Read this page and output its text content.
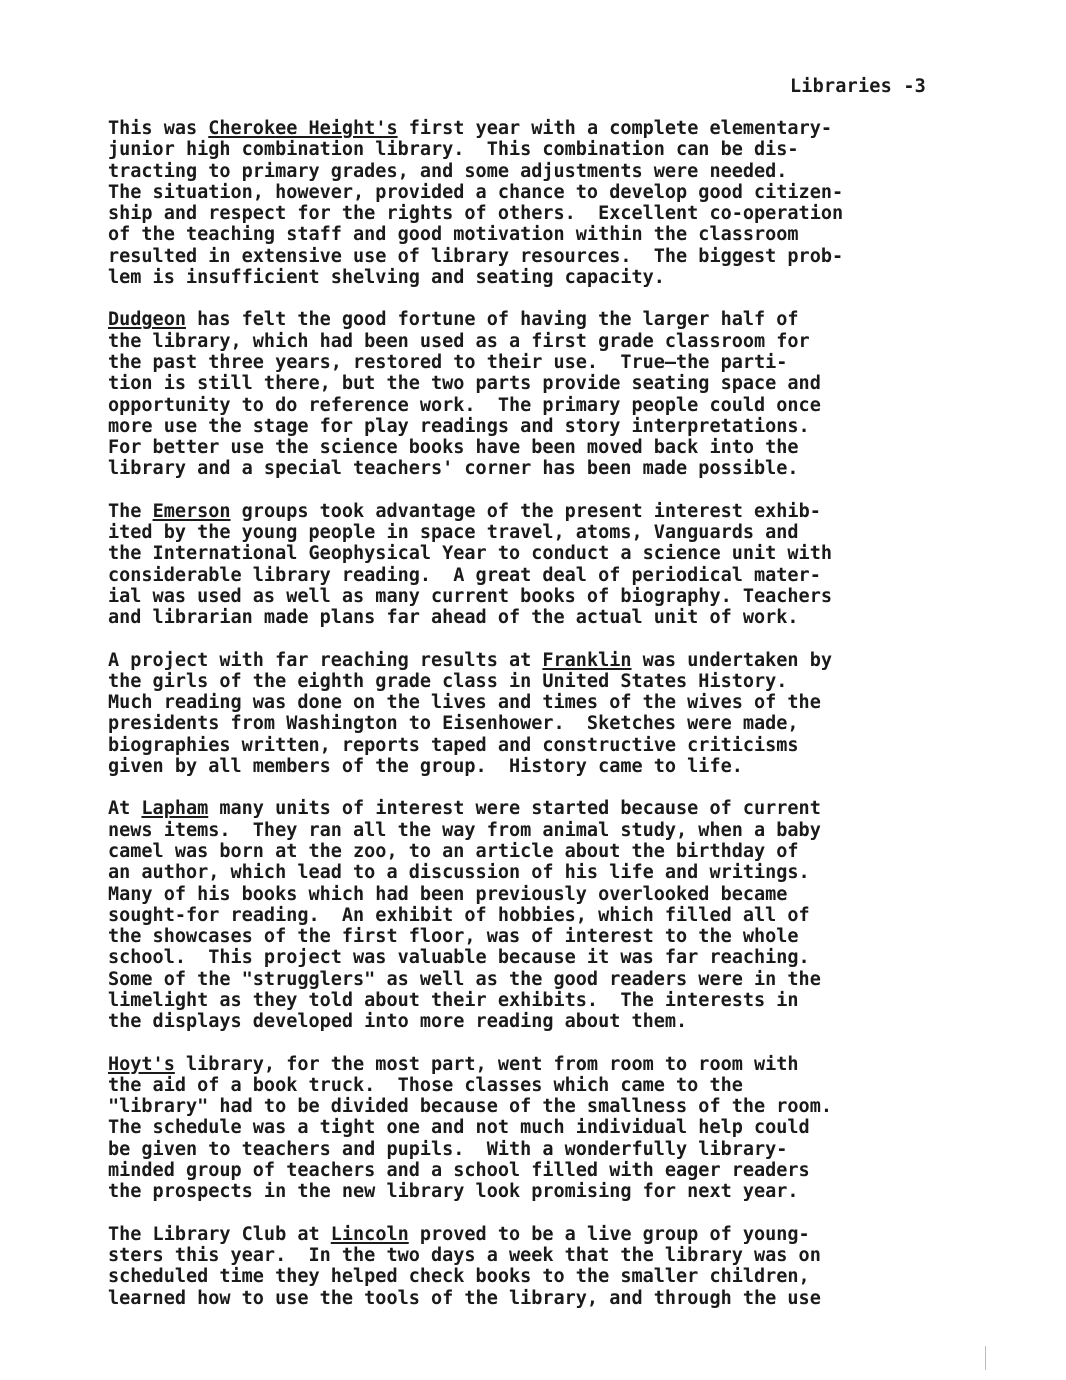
Libraries -3
This was Cherokee Height's first year with a complete elementary-
junior high combination library.  This combination can be dis-
tracting to primary grades, and some adjustments were needed.
The situation, however, provided a chance to develop good citizen-
ship and respect for the rights of others.  Excellent co-operation
of the teaching staff and good motivation within the classroom
resulted in extensive use of library resources.  The biggest prob-
lem is insufficient shelving and seating capacity.
Dudgeon has felt the good fortune of having the larger half of
the library, which had been used as a first grade classroom for
the past three years, restored to their use.  True—the parti-
tion is still there, but the two parts provide seating space and
opportunity to do reference work.  The primary people could once
more use the stage for play readings and story interpretations.
For better use the science books have been moved back into the
library and a special teachers' corner has been made possible.
The Emerson groups took advantage of the present interest exhib-
ited by the young people in space travel, atoms, Vanguards and
the International Geophysical Year to conduct a science unit with
considerable library reading.  A great deal of periodical mater-
ial was used as well as many current books of biography. Teachers
and librarian made plans far ahead of the actual unit of work.
A project with far reaching results at Franklin was undertaken by
the girls of the eighth grade class in United States History.
Much reading was done on the lives and times of the wives of the
presidents from Washington to Eisenhower.  Sketches were made,
biographies written, reports taped and constructive criticisms
given by all members of the group.  History came to life.
At Lapham many units of interest were started because of current
news items.  They ran all the way from animal study, when a baby
camel was born at the zoo, to an article about the birthday of
an author, which lead to a discussion of his life and writings.
Many of his books which had been previously overlooked became
sought-for reading.  An exhibit of hobbies, which filled all of
the showcases of the first floor, was of interest to the whole
school.  This project was valuable because it was far reaching.
Some of the "strugglers" as well as the good readers were in the
limelight as they told about their exhibits.  The interests in
the displays developed into more reading about them.
Hoyt's library, for the most part, went from room to room with
the aid of a book truck.  Those classes which came to the
"library" had to be divided because of the smallness of the room.
The schedule was a tight one and not much individual help could
be given to teachers and pupils.  With a wonderfully library-
minded group of teachers and a school filled with eager readers
the prospects in the new library look promising for next year.
The Library Club at Lincoln proved to be a live group of young-
sters this year.  In the two days a week that the library was on
scheduled time they helped check books to the smaller children,
learned how to use the tools of the library, and through the use
